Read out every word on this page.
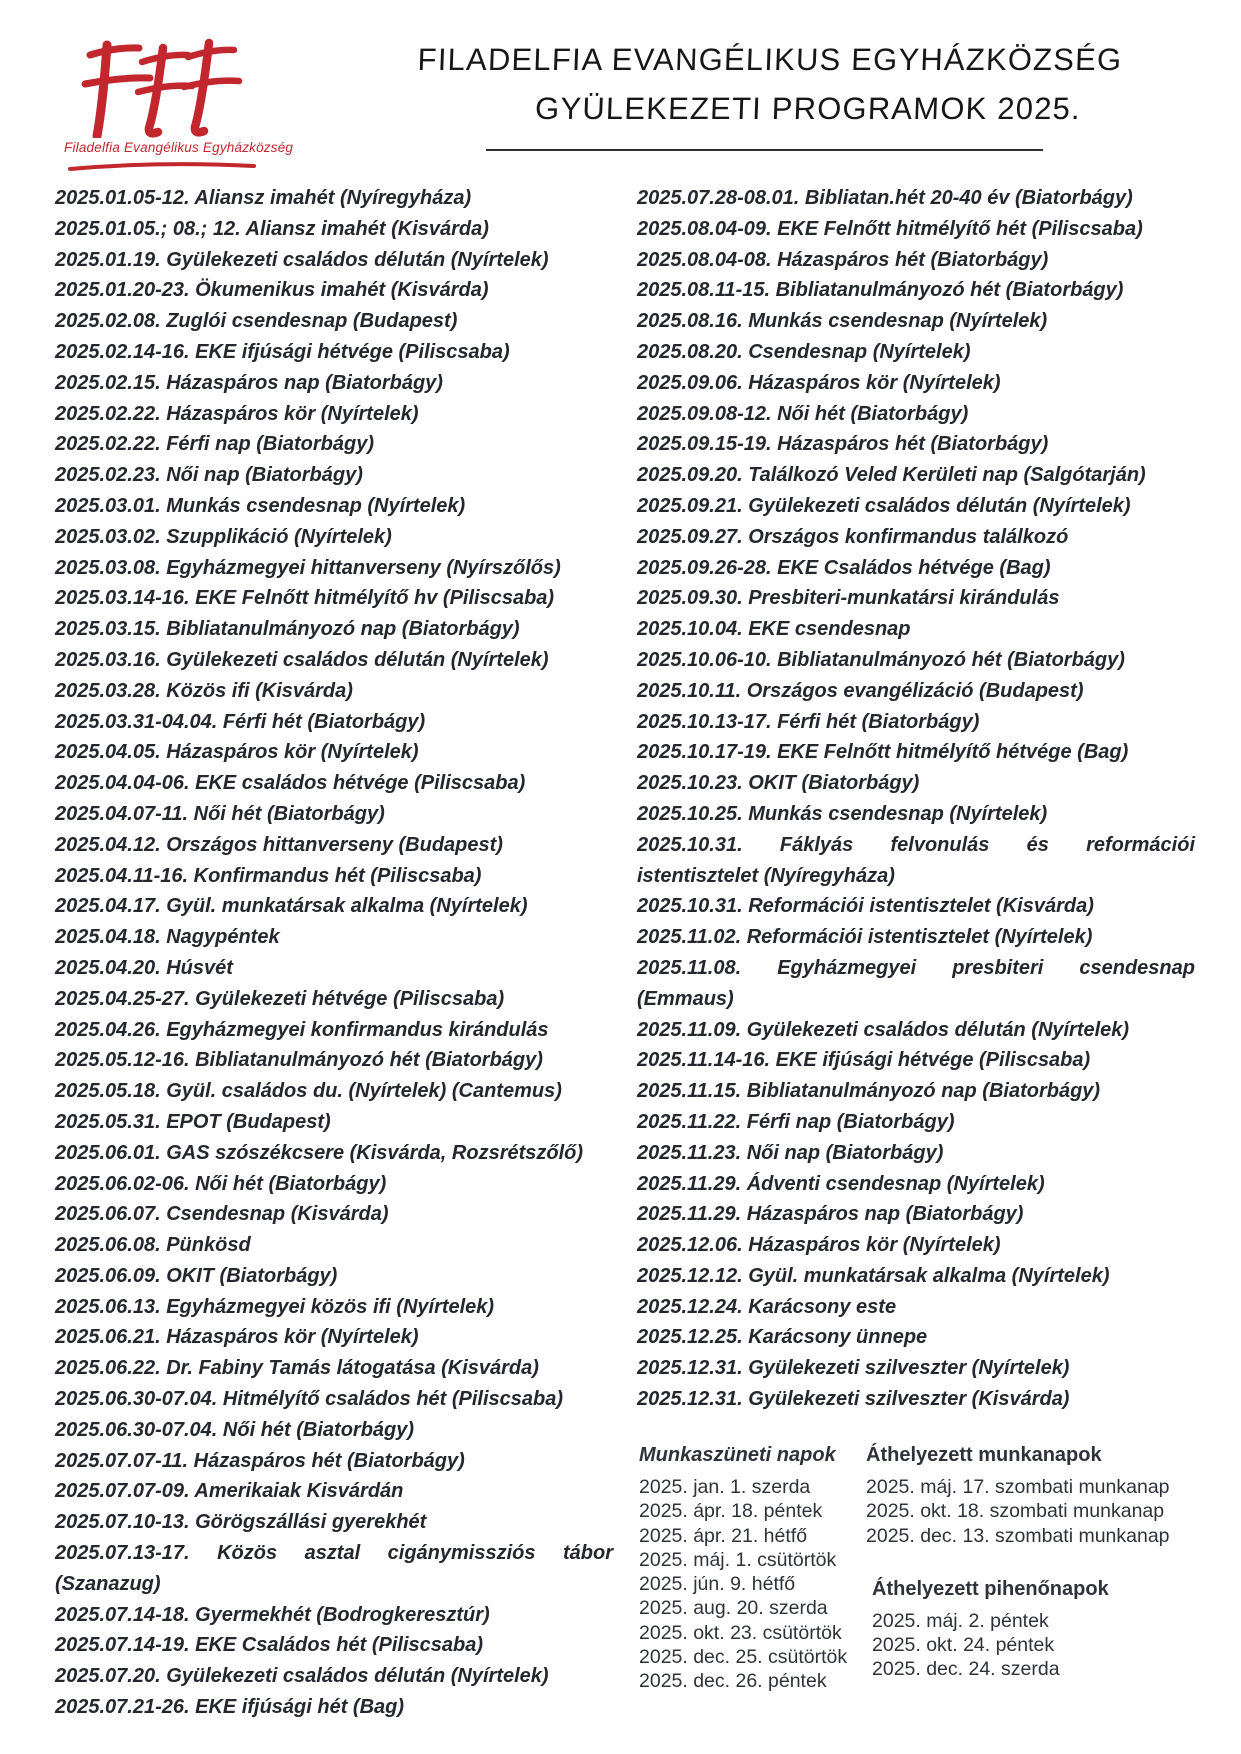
Filadelfia Evangélikus Egyházközség
FILADELFIA EVANGÉLIKUS EGYHÁZKÖZSÉG
GYÜLEKEZETI PROGRAMOK 2025.
2025.01.05-12. Aliansz imahét (Nyíregyháza)
2025.01.05.; 08.; 12. Aliansz imahét (Kisvárda)
2025.01.19. Gyülekezeti családos délután (Nyírtelek)
2025.01.20-23. Ökumenikus imahét (Kisvárda)
2025.02.08. Zuglói csendesnap (Budapest)
2025.02.14-16. EKE ifjúsági hétvége (Piliscsaba)
2025.02.15. Házaspáros nap (Biatorbágy)
2025.02.22. Házaspáros kör (Nyírtelek)
2025.02.22. Férfi nap (Biatorbágy)
2025.02.23. Női nap (Biatorbágy)
2025.03.01. Munkás csendesnap (Nyírtelek)
2025.03.02. Szupplikáció (Nyírtelek)
2025.03.08. Egyházmegyei hittanverseny (Nyírszőlős)
2025.03.14-16. EKE Felnőtt hitmélyítő hv (Piliscsaba)
2025.03.15. Bibliatanulmányozó nap (Biatorbágy)
2025.03.16. Gyülekezeti családos délután (Nyírtelek)
2025.03.28. Közös ifi (Kisvárda)
2025.03.31-04.04. Férfi hét (Biatorbágy)
2025.04.05. Házaspáros kör (Nyírtelek)
2025.04.04-06. EKE családos hétvége (Piliscsaba)
2025.04.07-11. Női hét (Biatorbágy)
2025.04.12. Országos hittanverseny (Budapest)
2025.04.11-16. Konfirmandus hét (Piliscsaba)
2025.04.17. Gyül. munkatársak alkalma (Nyírtelek)
2025.04.18. Nagypéntek
2025.04.20. Húsvét
2025.04.25-27. Gyülekezeti hétvége (Piliscsaba)
2025.04.26. Egyházmegyei konfirmandus kirándulás
2025.05.12-16. Bibliatanulmányozó hét (Biatorbágy)
2025.05.18. Gyül. családos du. (Nyírtelek) (Cantemus)
2025.05.31. EPOT (Budapest)
2025.06.01. GAS szószékcsere (Kisvárda, Rozsrétszőlő)
2025.06.02-06. Női hét (Biatorbágy)
2025.06.07. Csendesnap (Kisvárda)
2025.06.08. Pünkösd
2025.06.09. OKIT (Biatorbágy)
2025.06.13. Egyházmegyei közös ifi (Nyírtelek)
2025.06.21. Házaspáros kör (Nyírtelek)
2025.06.22. Dr. Fabiny Tamás látogatása (Kisvárda)
2025.06.30-07.04. Hitmélyítő családos hét (Piliscsaba)
2025.06.30-07.04. Női hét (Biatorbágy)
2025.07.07-11. Házaspáros hét (Biatorbágy)
2025.07.07-09. Amerikaiak Kisvárdán
2025.07.10-13. Görögszállási gyerekhét
2025.07.13-17. Közös asztal cigánymissziós tábor (Szanazug)
2025.07.14-18. Gyermekhét (Bodrogkeresztúr)
2025.07.14-19. EKE Családos hét (Piliscsaba)
2025.07.20. Gyülekezeti családos délután (Nyírtelek)
2025.07.21-26. EKE ifjúsági hét (Bag)
2025.07.28-08.01. Bibliatan.hét 20-40 év (Biatorbágy)
2025.08.04-09. EKE Felnőtt hitmélyítő hét (Piliscsaba)
2025.08.04-08. Házaspáros hét (Biatorbágy)
2025.08.11-15. Bibliatanulmányozó hét (Biatorbágy)
2025.08.16. Munkás csendesnap (Nyírtelek)
2025.08.20. Csendesnap (Nyírtelek)
2025.09.06. Házaspáros kör (Nyírtelek)
2025.09.08-12. Női hét (Biatorbágy)
2025.09.15-19. Házaspáros hét (Biatorbágy)
2025.09.20. Találkozó Veled Kerületi nap (Salgótarján)
2025.09.21. Gyülekezeti családos délután (Nyírtelek)
2025.09.27. Országos konfirmandus találkozó
2025.09.26-28. EKE Családos hétvége (Bag)
2025.09.30. Presbiteri-munkatársi kirándulás
2025.10.04. EKE csendesnap
2025.10.06-10. Bibliatanulmányozó hét (Biatorbágy)
2025.10.11. Országos evangélizáció (Budapest)
2025.10.13-17. Férfi hét (Biatorbágy)
2025.10.17-19. EKE Felnőtt hitmélyítő hétvége (Bag)
2025.10.23. OKIT (Biatorbágy)
2025.10.25. Munkás csendesnap (Nyírtelek)
2025.10.31. Fáklyás felvonulás és reformációi istentisztelet (Nyíregyháza)
2025.10.31. Reformációi istentisztelet (Kisvárda)
2025.11.02. Reformációi istentisztelet (Nyírtelek)
2025.11.08. Egyházmegyei presbiteri csendesnap (Emmaus)
2025.11.09. Gyülekezeti családos délután (Nyírtelek)
2025.11.14-16. EKE ifjúsági hétvége (Piliscsaba)
2025.11.15. Bibliatanulmányozó nap (Biatorbágy)
2025.11.22. Férfi nap (Biatorbágy)
2025.11.23. Női nap (Biatorbágy)
2025.11.29. Ádventi csendesnap (Nyírtelek)
2025.11.29. Házaspáros nap (Biatorbágy)
2025.12.06. Házaspáros kör (Nyírtelek)
2025.12.12. Gyül. munkatársak alkalma (Nyírtelek)
2025.12.24. Karácsony este
2025.12.25. Karácsony ünnepe
2025.12.31. Gyülekezeti szilveszter (Nyírtelek)
2025.12.31. Gyülekezeti szilveszter (Kisvárda)
Munkaszüneti napok
2025. jan. 1. szerda
2025. ápr. 18. péntek
2025. ápr. 21. hétfő
2025. máj. 1. csütörtök
2025. jún. 9. hétfő
2025. aug. 20. szerda
2025. okt. 23. csütörtök
2025. dec. 25. csütörtök
2025. dec. 26. péntek
Áthelyezett munkanapok
2025. máj. 17. szombati munkanap
2025. okt. 18. szombati munkanap
2025. dec. 13. szombati munkanap
Áthelyezett pihenőnapok
2025. máj. 2. péntek
2025. okt. 24. péntek
2025. dec. 24. szerda
